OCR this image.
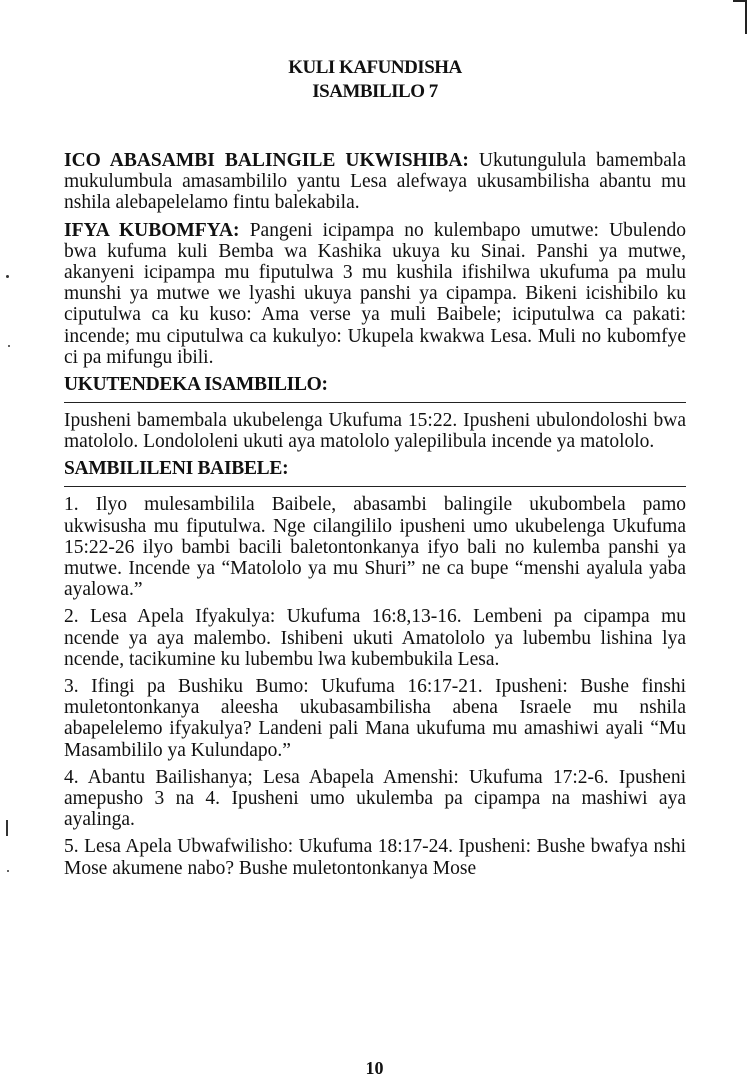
KULI KAFUNDISHA
ISAMBILILO 7

ICO ABASAMBI BALINGILE UKWISHIBA: Ukutungulula bamembala mukulumbula amasambililo yantu Lesa alefwaya ukusambilisha abantu mu nshila alebapelelamo fintu balekabila.

IFYA KUBOMFYA: Pangeni icipampa no kulembapo umutwe: Ubulendo bwa kufuma kuli Bemba wa Kashika ukuya ku Sinai. Panshi ya mutwe, akanyeni icipampa mu fiputulwa 3 mu kushila ifishilwa ukufuma pa mulu munshi ya mutwe we lyashi ukuya panshi ya cipampa. Bikeni icishibilo ku ciputulwa ca ku kuso: Ama verse ya muli Baibele; iciputulwa ca pakati: incende; mu ciputulwa ca kukulyo: Ukupela kwakwa Lesa. Muli no kubomfye ci pa mifungu ibili.

UKUTENDEKA ISAMBILILO:

Ipusheni bamembala ukubelenga Ukufuma 15:22. Ipusheni ubulondoloshi bwa matololo. Londololeni ukuti aya matololo yalepilibula incende ya matololo.

SAMBILILENI BAIBELE:

1. Ilyo mulesambilila Baibele, abasambi balingile ukubombela pamo ukwisusha mu fiputulwa. Nge cilangililo ipusheni umo ukubelenga Ukufuma 15:22-26 ilyo bambi bacili baletontonkanya ifyo bali no kulemba panshi ya mutwe. Incende ya “Matololo ya mu Shuri” ne ca bupe “menshi ayalula yaba ayalowa.”

2. Lesa Apela Ifyakulya: Ukufuma 16:8,13-16. Lembeni pa cipampa mu ncende ya aya malembo. Ishibeni ukuti Amatololo ya lubembu lishina lya ncende, tacikumine ku lubembu lwa kubembukila Lesa.

3. Ifingi pa Bushiku Bumo: Ukufuma 16:17-21. Ipusheni: Bushe finshi muletontonkanya aleesha ukubasambilisha abena Israele mu nshila abapelelemo ifyakulya? Landeni pali Mana ukufuma mu amashiwi ayali “Mu Masambililo ya Kulundapo.”

4. Abantu Bailishanya; Lesa Abapela Amenshi: Ukufuma 17:2-6. Ipusheni amepusho 3 na 4. Ipusheni umo ukulemba pa cipampa na mashiwi aya ayalinga.

5. Lesa Apela Ubwafwilisho: Ukufuma 18:17-24. Ipusheni: Bushe bwafya nshi Mose akumene nabo? Bushe muletontonkanya Mose

10
